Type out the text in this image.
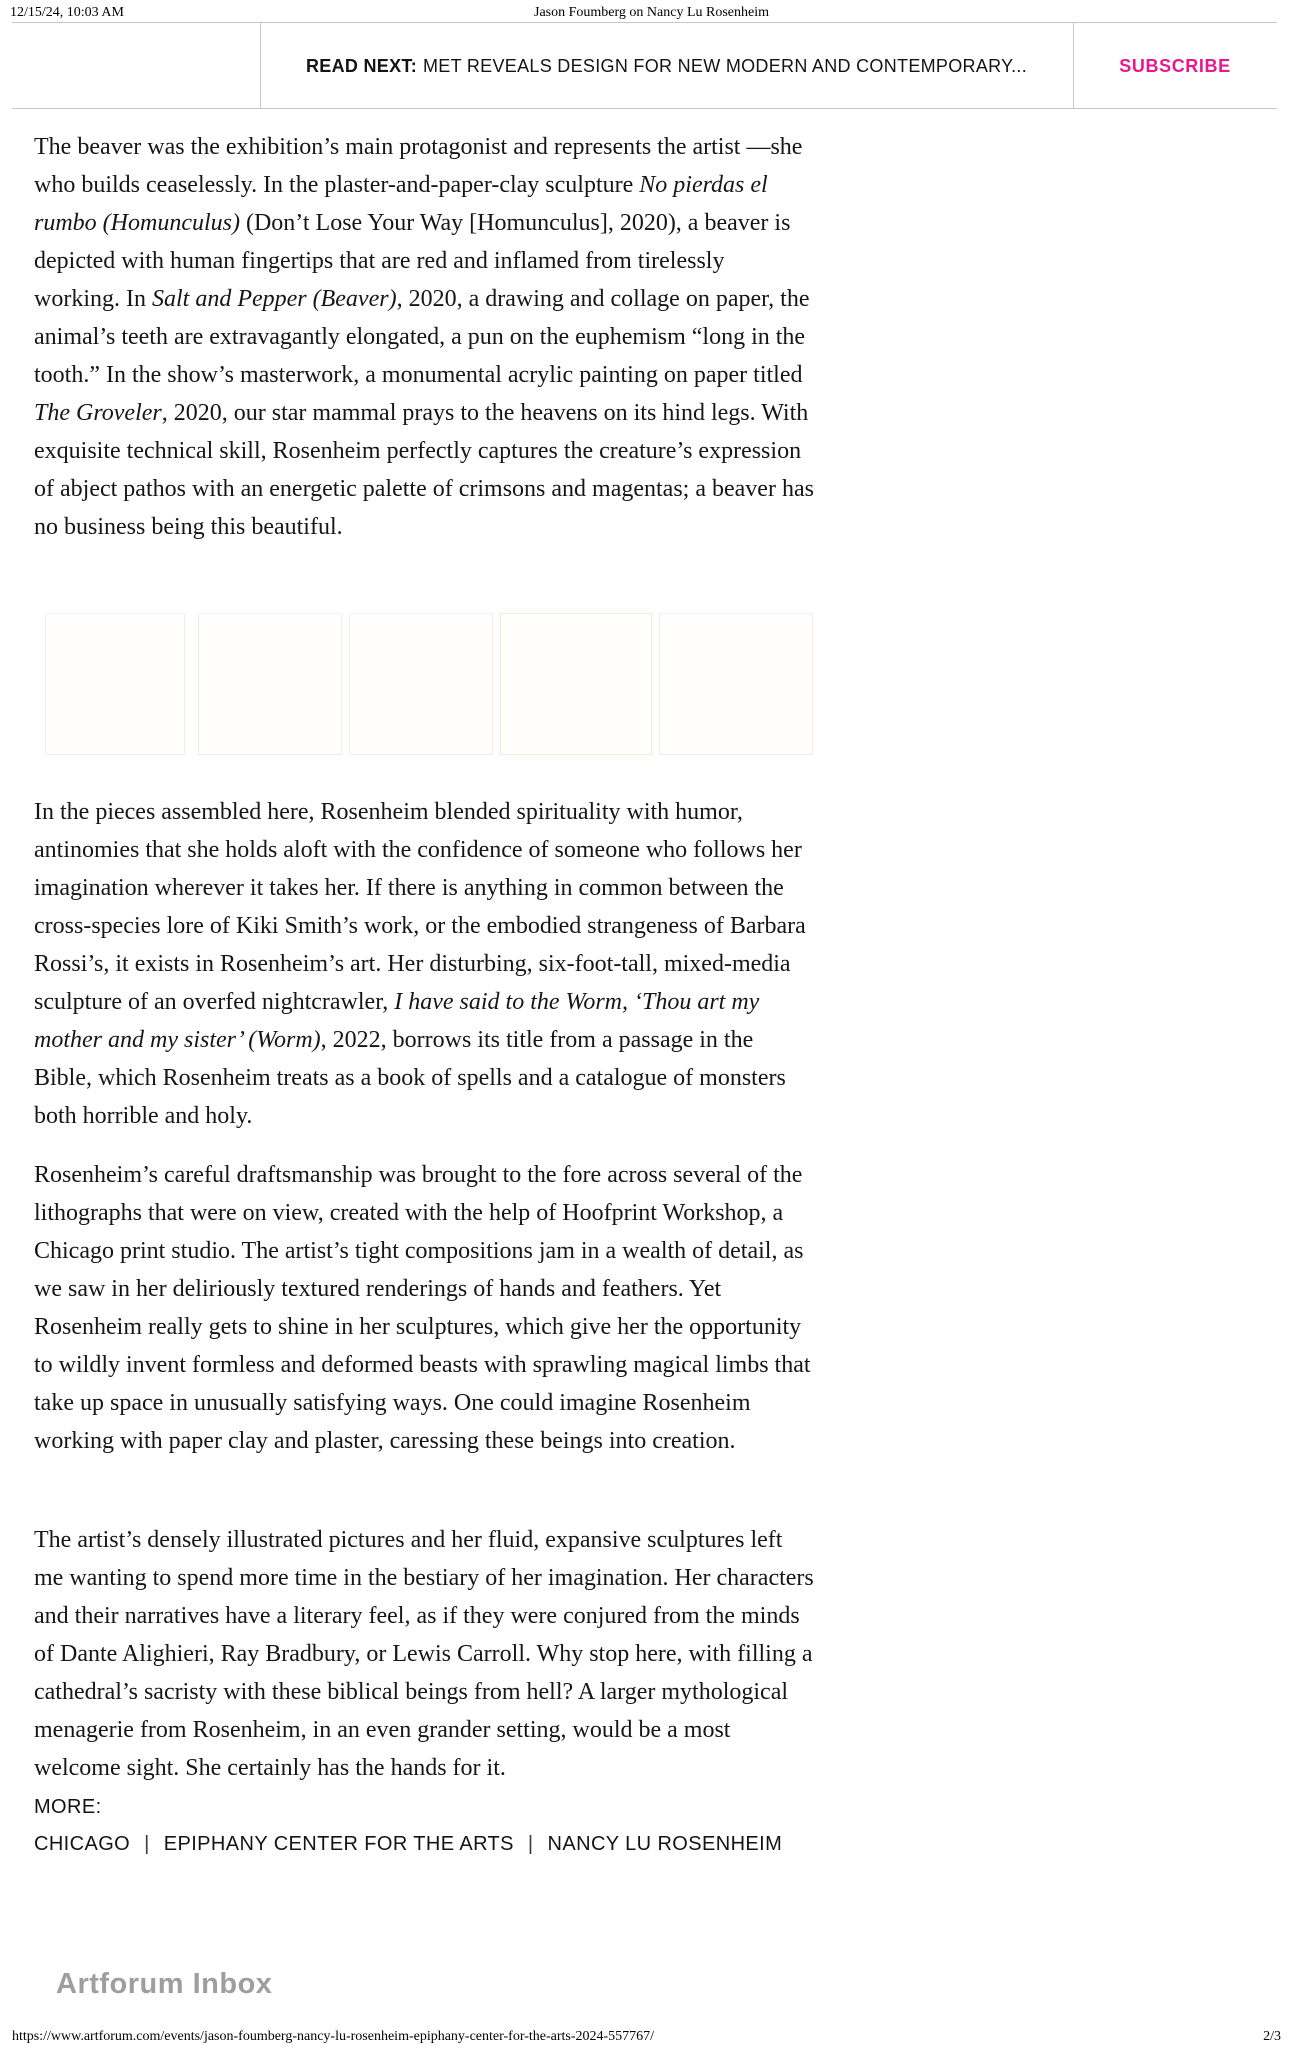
12/15/24, 10:03 AM	Jason Foumberg on Nancy Lu Rosenheim
READ NEXT: MET REVEALS DESIGN FOR NEW MODERN AND CONTEMPORARY...	SUBSCRIBE

The beaver was the exhibition’s main protagonist and represents the artist —she who builds ceaselessly. In the plaster-and-paper-clay sculpture No pierdas el rumbo (Homunculus) (Don’t Lose Your Way [Homunculus], 2020), a beaver is depicted with human fingertips that are red and inflamed from tirelessly working. In Salt and Pepper (Beaver), 2020, a drawing and collage on paper, the animal’s teeth are extravagantly elongated, a pun on the euphemism “long in the tooth.” In the show’s masterwork, a monumental acrylic painting on paper titled The Groveler, 2020, our star mammal prays to the heavens on its hind legs. With exquisite technical skill, Rosenheim perfectly captures the creature’s expression of abject pathos with an energetic palette of crimsons and magentas; a beaver has no business being this beautiful.

In the pieces assembled here, Rosenheim blended spirituality with humor, antinomies that she holds aloft with the confidence of someone who follows her imagination wherever it takes her. If there is anything in common between the cross-species lore of Kiki Smith’s work, or the embodied strangeness of Barbara Rossi’s, it exists in Rosenheim’s art. Her disturbing, six-foot-tall, mixed-media sculpture of an overfed nightcrawler, I have said to the Worm, ‘Thou art my mother and my sister’ (Worm), 2022, borrows its title from a passage in the Bible, which Rosenheim treats as a book of spells and a catalogue of monsters both horrible and holy.

Rosenheim’s careful draftsmanship was brought to the fore across several of the lithographs that were on view, created with the help of Hoofprint Workshop, a Chicago print studio. The artist’s tight compositions jam in a wealth of detail, as we saw in her deliriously textured renderings of hands and feathers. Yet Rosenheim really gets to shine in her sculptures, which give her the opportunity to wildly invent formless and deformed beasts with sprawling magical limbs that take up space in unusually satisfying ways. One could imagine Rosenheim working with paper clay and plaster, caressing these beings into creation.

The artist’s densely illustrated pictures and her fluid, expansive sculptures left me wanting to spend more time in the bestiary of her imagination. Her characters and their narratives have a literary feel, as if they were conjured from the minds of Dante Alighieri, Ray Bradbury, or Lewis Carroll. Why stop here, with filling a cathedral’s sacristy with these biblical beings from hell? A larger mythological menagerie from Rosenheim, in an even grander setting, would be a most welcome sight. She certainly has the hands for it.

MORE:
CHICAGO | EPIPHANY CENTER FOR THE ARTS | NANCY LU ROSENHEIM
Artforum Inbox
https://www.artforum.com/events/jason-foumberg-nancy-lu-rosenheim-epiphany-center-for-the-arts-2024-557767/	2/3
